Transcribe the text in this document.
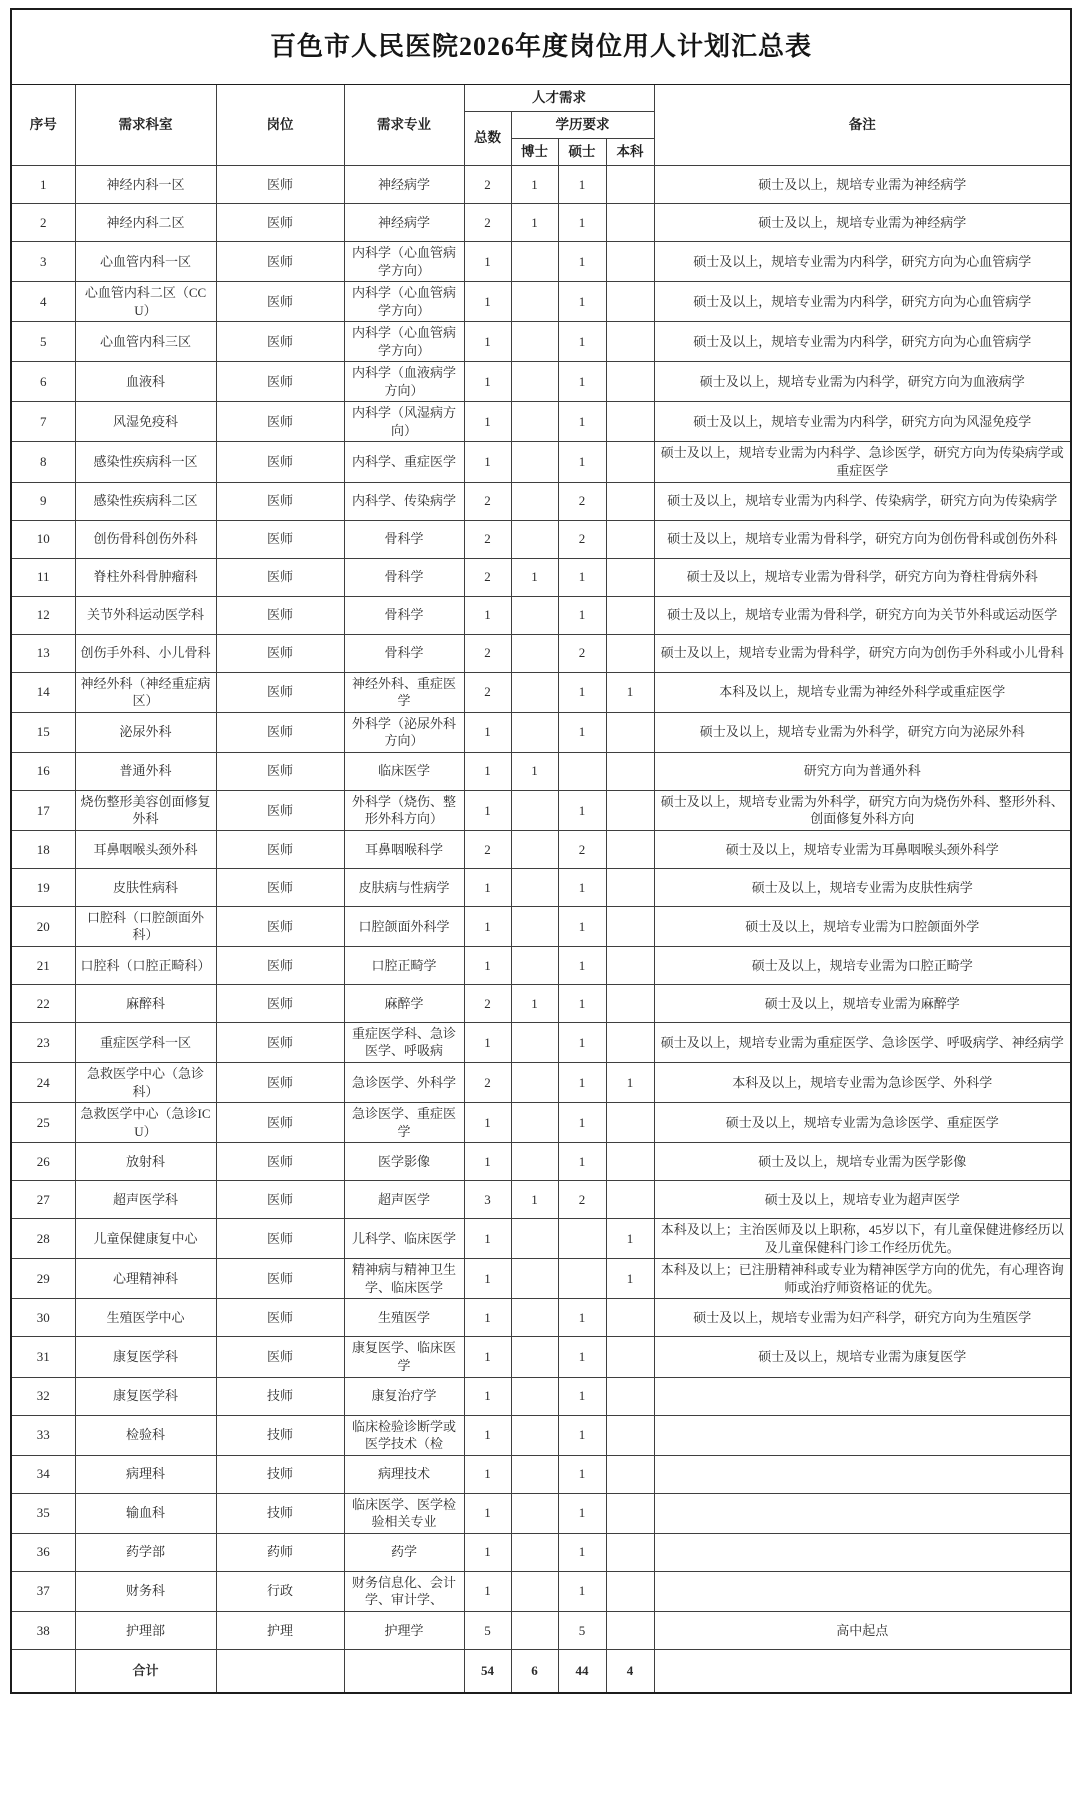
百色市人民医院2026年度岗位用人计划汇总表								
序号	需求科室	岗位	需求专业	人才需求				备注
				总数	学历要求			
					博士	硕士	本科	
1	神经内科一区	医师	神经病学	2	1	1		硕士及以上，规培专业需为神经病学
2	神经内科二区	医师	神经病学	2	1	1		硕士及以上，规培专业需为神经病学
3	心血管内科一区	医师	内科学（心血管病学方向）	1		1		硕士及以上，规培专业需为内科学，研究方向为心血管病学
4	心血管内科二区（CCU）	医师	内科学（心血管病学方向）	1		1		硕士及以上，规培专业需为内科学，研究方向为心血管病学
5	心血管内科三区	医师	内科学（心血管病学方向）	1		1		硕士及以上，规培专业需为内科学，研究方向为心血管病学
6	血液科	医师	内科学（血液病学方向）	1		1		硕士及以上，规培专业需为内科学，研究方向为血液病学
7	风湿免疫科	医师	内科学（风湿病方向）	1		1		硕士及以上，规培专业需为内科学，研究方向为风湿免疫学
8	感染性疾病科一区	医师	内科学、重症医学	1		1		硕士及以上，规培专业需为内科学、急诊医学，研究方向为传染病学或重症医学
9	感染性疾病科二区	医师	内科学、传染病学	2		2		硕士及以上，规培专业需为内科学、传染病学，研究方向为传染病学
10	创伤骨科创伤外科	医师	骨科学	2		2		硕士及以上，规培专业需为骨科学，研究方向为创伤骨科或创伤外科
11	脊柱外科骨肿瘤科	医师	骨科学	2	1	1		硕士及以上，规培专业需为骨科学，研究方向为脊柱骨病外科
12	关节外科运动医学科	医师	骨科学	1		1		硕士及以上，规培专业需为骨科学，研究方向为关节外科或运动医学
13	创伤手外科、小儿骨科	医师	骨科学	2		2		硕士及以上，规培专业需为骨科学，研究方向为创伤手外科或小儿骨科
14	神经外科（神经重症病区）	医师	神经外科、重症医学	2		1	1	本科及以上，规培专业需为神经外科学或重症医学
15	泌尿外科	医师	外科学（泌尿外科方向）	1		1		硕士及以上，规培专业需为外科学，研究方向为泌尿外科
16	普通外科	医师	临床医学	1	1			研究方向为普通外科
17	烧伤整形美容创面修复外科	医师	外科学（烧伤、整形外科方向）	1		1		硕士及以上，规培专业需为外科学，研究方向为烧伤外科、整形外科、创面修复外科方向
18	耳鼻咽喉头颈外科	医师	耳鼻咽喉科学	2		2		硕士及以上，规培专业需为耳鼻咽喉头颈外科学
19	皮肤性病科	医师	皮肤病与性病学	1		1		硕士及以上，规培专业需为皮肤性病学
20	口腔科（口腔颌面外科）	医师	口腔颌面外科学	1		1		硕士及以上，规培专业需为口腔颌面外学
21	口腔科（口腔正畸科）	医师	口腔正畸学	1		1		硕士及以上，规培专业需为口腔正畸学
22	麻醉科	医师	麻醉学	2	1	1		硕士及以上，规培专业需为麻醉学
23	重症医学科一区	医师	重症医学科、急诊医学、呼吸病	1		1		硕士及以上，规培专业需为重症医学、急诊医学、呼吸病学、神经病学
24	急救医学中心（急诊科）	医师	急诊医学、外科学	2		1	1	本科及以上，规培专业需为急诊医学、外科学
25	急救医学中心（急诊ICU）	医师	急诊医学、重症医学	1		1		硕士及以上，规培专业需为急诊医学、重症医学
26	放射科	医师	医学影像	1		1		硕士及以上，规培专业需为医学影像
27	超声医学科	医师	超声医学	3	1	2		硕士及以上，规培专业为超声医学
28	儿童保健康复中心	医师	儿科学、临床医学	1			1	本科及以上；主治医师及以上职称，45岁以下，有儿童保健进修经历以及儿童保健科门诊工作经历优先。
29	心理精神科	医师	精神病与精神卫生学、临床医学	1			1	本科及以上；已注册精神科或专业为精神医学方向的优先，有心理咨询师或治疗师资格证的优先。
30	生殖医学中心	医师	生殖医学	1		1		硕士及以上，规培专业需为妇产科学，研究方向为生殖医学
31	康复医学科	医师	康复医学、临床医学	1		1		硕士及以上，规培专业需为康复医学
32	康复医学科	技师	康复治疗学	1		1		
33	检验科	技师	临床检验诊断学或医学技术（检	1		1		
34	病理科	技师	病理技术	1		1		
35	输血科	技师	临床医学、医学检验相关专业	1		1		
36	药学部	药师	药学	1		1		
37	财务科	行政	财务信息化、会计学、审计学、	1		1		
38	护理部	护理	护理学	5		5		高中起点
	合计			54	6	44	4	
